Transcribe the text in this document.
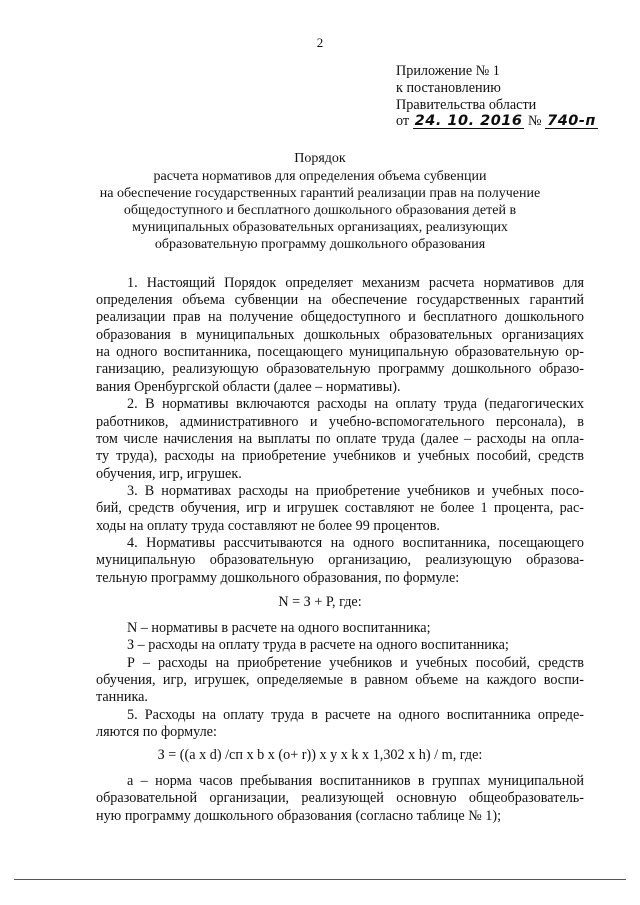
2
Приложение № 1
к постановлению
Правительства области
от 24. 10. 2016 № 740-п
Порядок
расчета нормативов для определения объема субвенции
на обеспечение государственных гарантий реализации прав на получение
общедоступного и бесплатного дошкольного образования детей в
муниципальных образовательных организациях, реализующих
образовательную программу дошкольного образования
1. Настоящий Порядок определяет механизм расчета нормативов для
определения объема субвенции на обеспечение государственных гарантий
реализации прав на получение общедоступного и бесплатного дошкольного
образования в муниципальных дошкольных образовательных организациях
на одного воспитанника, посещающего муниципальную образовательную ор-
ганизацию, реализующую образовательную программу дошкольного образо-
вания Оренбургской области (далее – нормативы).
2. В нормативы включаются расходы на оплату труда (педагогических
работников, административного и учебно-вспомогательного персонала), в
том числе начисления на выплаты по оплате труда (далее – расходы на опла-
ту труда), расходы на приобретение учебников и учебных пособий, средств
обучения, игр, игрушек.
3. В нормативах расходы на приобретение учебников и учебных посо-
бий, средств обучения, игр и игрушек составляют не более 1 процента, рас-
ходы на оплату труда составляют не более 99 процентов.
4. Нормативы рассчитываются на одного воспитанника, посещающего
муниципальную образовательную организацию, реализующую образова-
тельную программу дошкольного образования, по формуле:
N = З + Р, где:
N – нормативы в расчете на одного воспитанника;
З – расходы на оплату труда в расчете на одного воспитанника;
Р – расходы на приобретение учебников и учебных пособий, средств
обучения, игр, игрушек, определяемые в равном объеме на каждого воспи-
танника.
5. Расходы на оплату труда в расчете на одного воспитанника опреде-
ляются по формуле:
З = ((a x d) /cп x b x (o+ r)) x y x k x 1,302 x h) / m, где:
a – норма часов пребывания воспитанников в группах муниципальной
образовательной организации, реализующей основную общеобразователь-
ную программу дошкольного образования (согласно таблице № 1);
